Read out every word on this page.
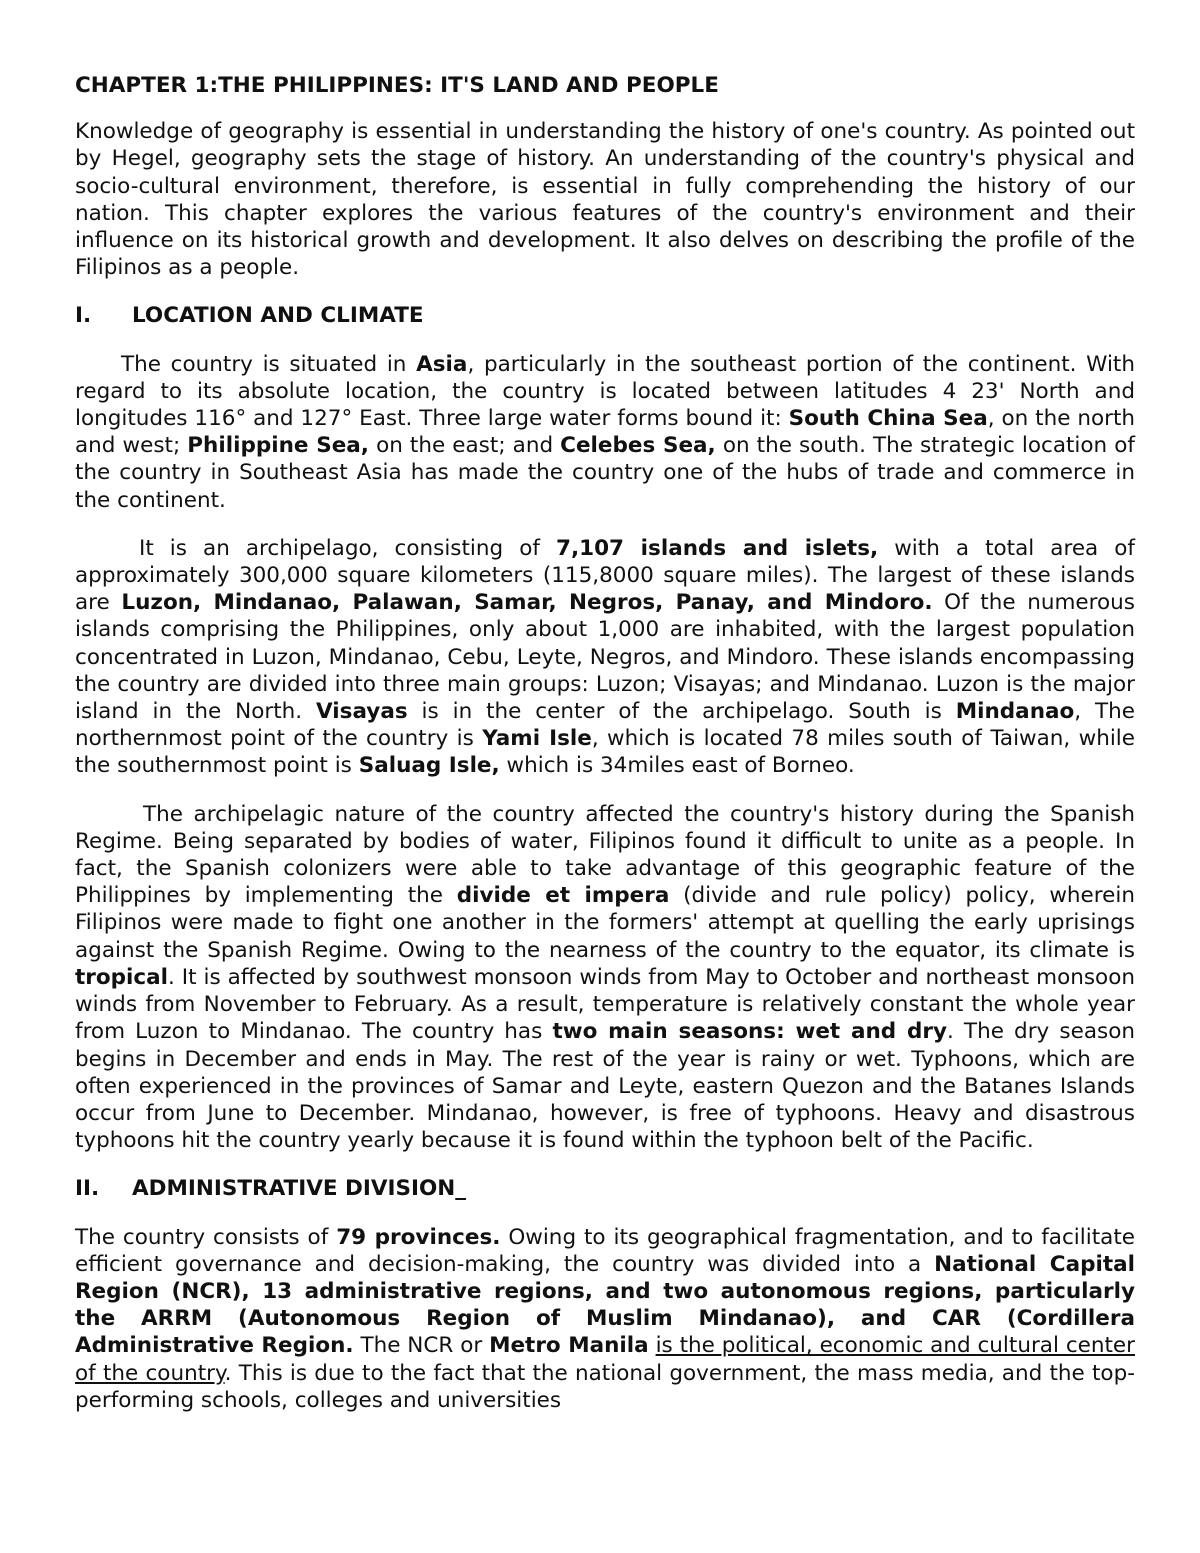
CHAPTER 1:THE PHILIPPINES: IT'S LAND AND PEOPLE

Knowledge of geography is essential in understanding the history of one's country. As pointed out by Hegel, geography sets the stage of history. An understanding of the country's physical and socio-cultural environment, therefore, is essential in fully comprehending the history of our nation. This chapter explores the various features of the country's environment and their influence on its historical growth and development. It also delves on describing the profile of the Filipinos as a people.

I. LOCATION AND CLIMATE

The country is situated in Asia, particularly in the southeast portion of the continent. With regard to its absolute location, the country is located between latitudes 4 23' North and longitudes 116° and 127° East. Three large water forms bound it: South China Sea, on the north and west; Philippine Sea, on the east; and Celebes Sea, on the south. The strategic location of the country in Southeast Asia has made the country one of the hubs of trade and commerce in the continent.

It is an archipelago, consisting of 7,107 islands and islets, with a total area of approximately 300,000 square kilometers (115,8000 square miles). The largest of these islands are Luzon, Mindanao, Palawan, Samar, Negros, Panay, and Mindoro. Of the numerous islands comprising the Philippines, only about 1,000 are inhabited, with the largest population concentrated in Luzon, Mindanao, Cebu, Leyte, Negros, and Mindoro. These islands encompassing the country are divided into three main groups: Luzon; Visayas; and Mindanao. Luzon is the major island in the North. Visayas is in the center of the archipelago. South is Mindanao, The northernmost point of the country is Yami Isle, which is located 78 miles south of Taiwan, while the southernmost point is Saluag Isle, which is 34miles east of Borneo.

The archipelagic nature of the country affected the country's history during the Spanish Regime. Being separated by bodies of water, Filipinos found it difficult to unite as a people. In fact, the Spanish colonizers were able to take advantage of this geographic feature of the Philippines by implementing the divide et impera (divide and rule policy) policy, wherein Filipinos were made to fight one another in the formers' attempt at quelling the early uprisings against the Spanish Regime. Owing to the nearness of the country to the equator, its climate is tropical. It is affected by southwest monsoon winds from May to October and northeast monsoon winds from November to February. As a result, temperature is relatively constant the whole year from Luzon to Mindanao. The country has two main seasons: wet and dry. The dry season begins in December and ends in May. The rest of the year is rainy or wet. Typhoons, which are often experienced in the provinces of Samar and Leyte, eastern Quezon and the Batanes Islands occur from June to December. Mindanao, however, is free of typhoons. Heavy and disastrous typhoons hit the country yearly because it is found within the typhoon belt of the Pacific.

II. ADMINISTRATIVE DIVISION_

The country consists of 79 provinces. Owing to its geographical fragmentation, and to facilitate efficient governance and decision-making, the country was divided into a National Capital Region (NCR), 13 administrative regions, and two autonomous regions, particularly the ARRM (Autonomous Region of Muslim Mindanao), and CAR (Cordillera Administrative Region. The NCR or Metro Manila is the political, economic and cultural center of the country. This is due to the fact that the national government, the mass media, and the top-performing schools, colleges and universities
